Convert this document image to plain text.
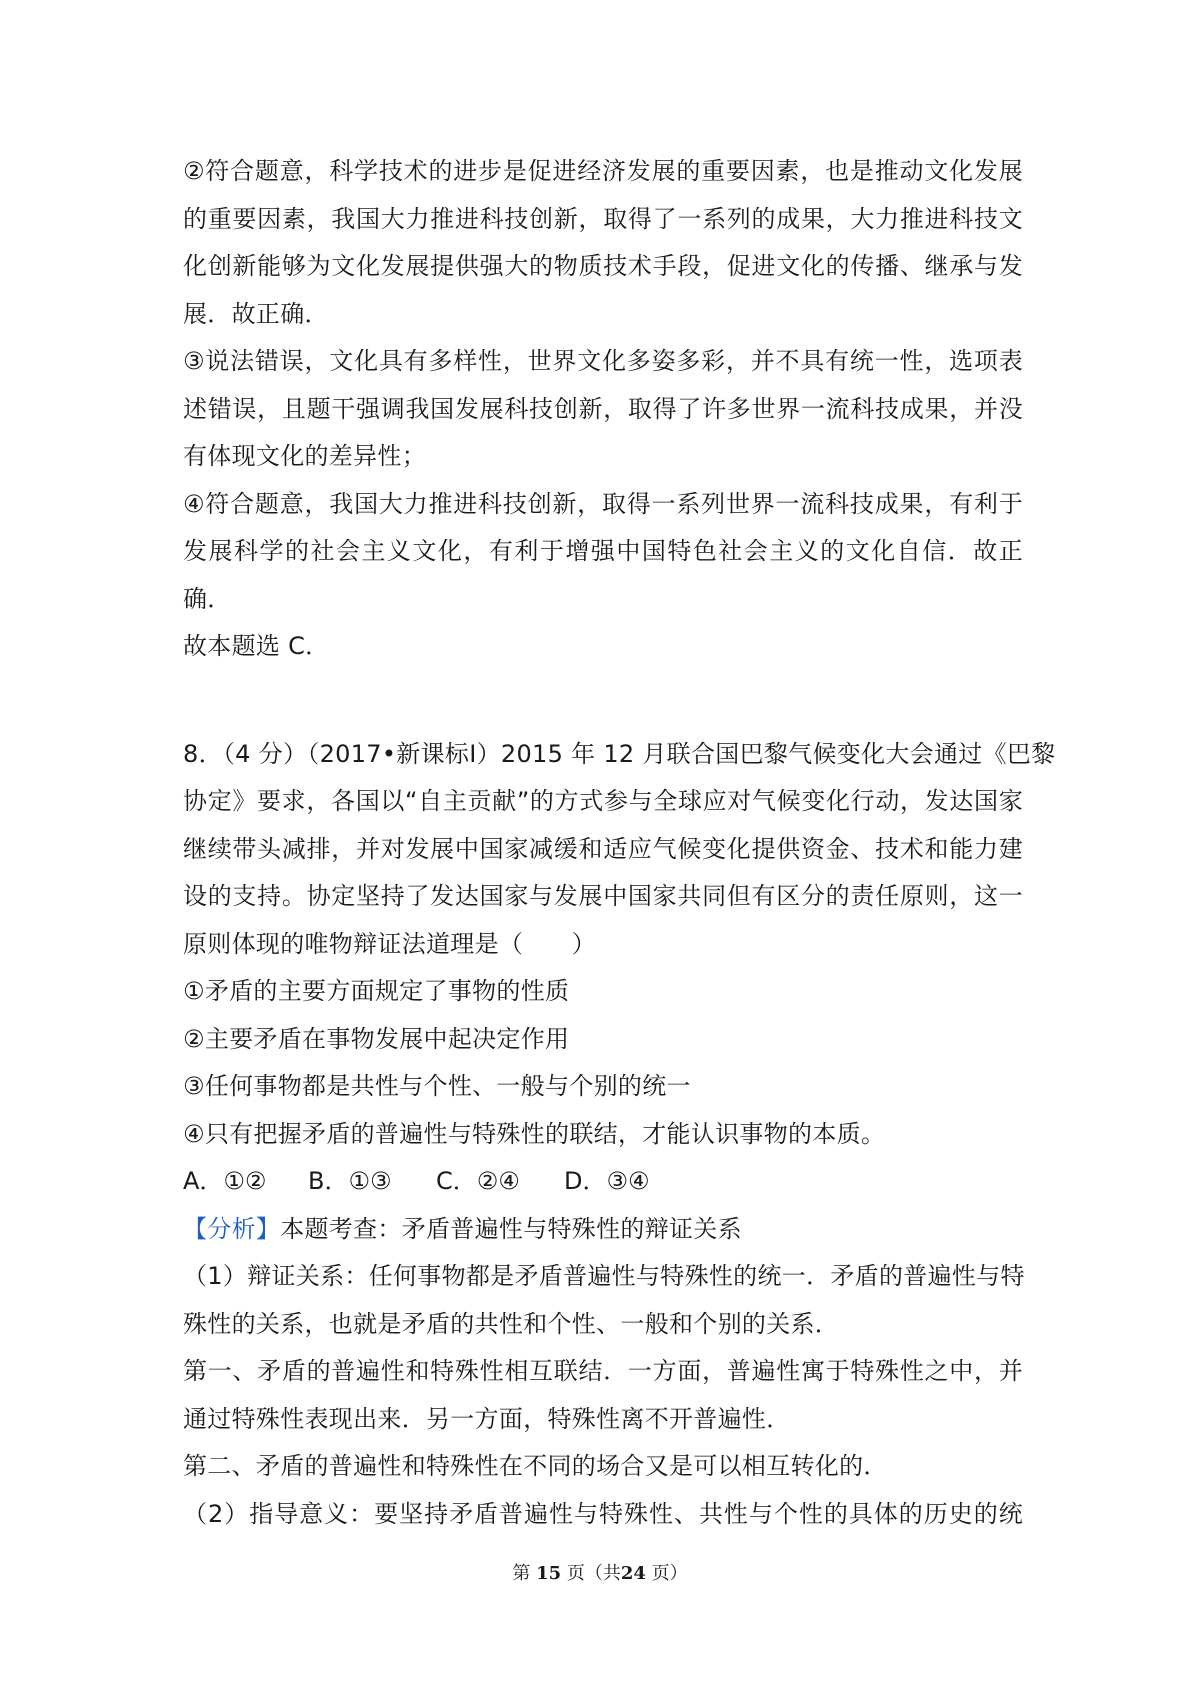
②符合题意，科学技术的进步是促进经济发展的重要因素，也是推动文化发展
的重要因素，我国大力推进科技创新，取得了一系列的成果，大力推进科技文
化创新能够为文化发展提供强大的物质技术手段，促进文化的传播、继承与发
展．故正确．
③说法错误，文化具有多样性，世界文化多姿多彩，并不具有统一性，选项表
述错误，且题干强调我国发展科技创新，取得了许多世界一流科技成果，并没
有体现文化的差异性；
④符合题意，我国大力推进科技创新，取得一系列世界一流科技成果，有利于
发展科学的社会主义文化，有利于增强中国特色社会主义的文化自信．故正
确．
故本题选 C．
8．（4 分）（2017•新课标Ⅰ）2015 年 12 月联合国巴黎气候变化大会通过《巴黎
协定》要求，各国以“自主贡献”的方式参与全球应对气候变化行动，发达国家
继续带头减排，并对发展中国家减缓和适应气候变化提供资金、技术和能力建
设的支持。协定坚持了发达国家与发展中国家共同但有区分的责任原则，这一
原则体现的唯物辩证法道理是（　　）
①矛盾的主要方面规定了事物的性质
②主要矛盾在事物发展中起决定作用
③任何事物都是共性与个性、一般与个别的统一
④只有把握矛盾的普遍性与特殊性的联结，才能认识事物的本质。
A．①②	B．①③	C．②④	D．③④
【分析】本题考查：矛盾普遍性与特殊性的辩证关系
（1）辩证关系：任何事物都是矛盾普遍性与特殊性的统一．矛盾的普遍性与特
殊性的关系，也就是矛盾的共性和个性、一般和个别的关系．
第一、矛盾的普遍性和特殊性相互联结．一方面，普遍性寓于特殊性之中，并
通过特殊性表现出来．另一方面，特殊性离不开普遍性．
第二、矛盾的普遍性和特殊性在不同的场合又是可以相互转化的．
（2）指导意义：要坚持矛盾普遍性与特殊性、共性与个性的具体的历史的统
第 15 页（共24 页）
